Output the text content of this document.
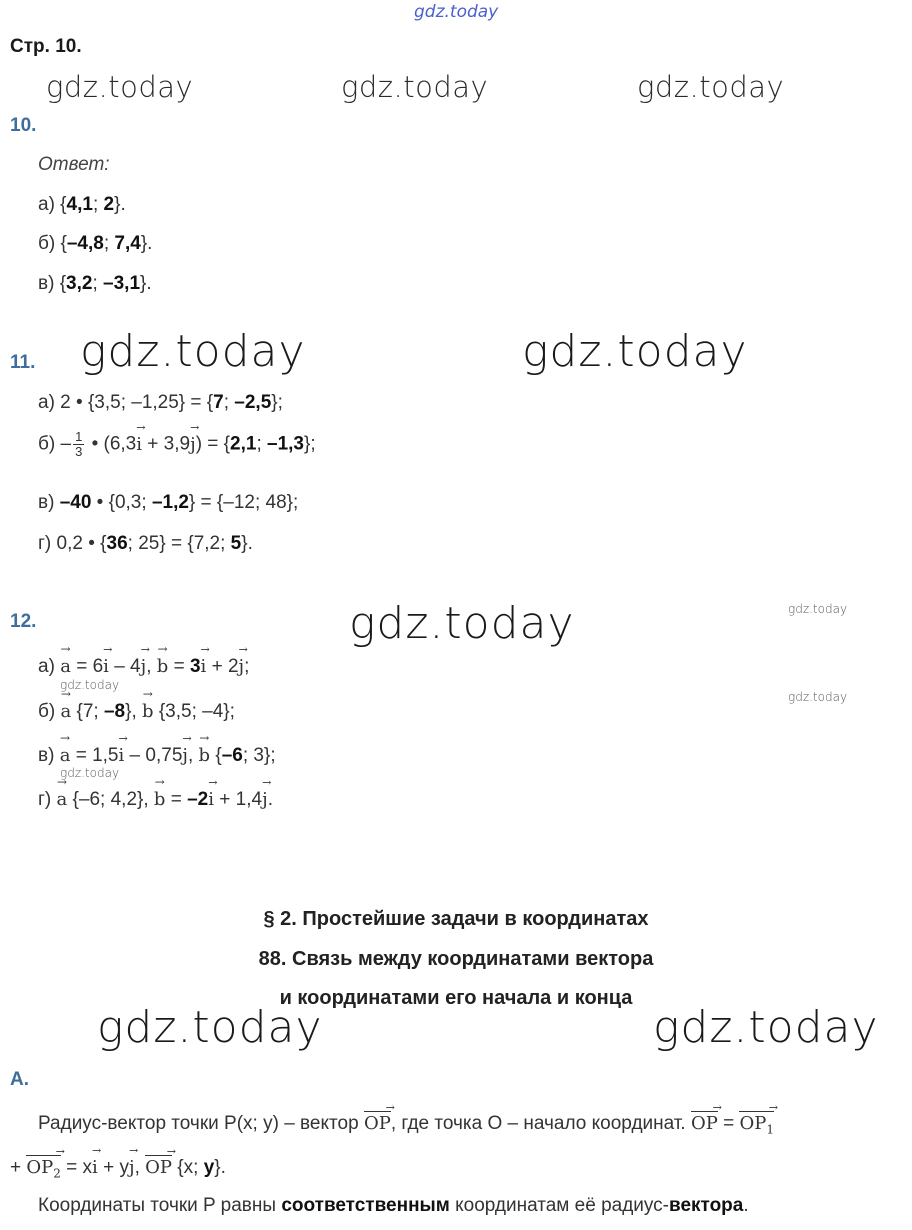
gdz.today
gdz.today	gdz.today	gdz.today
gdz.today	gdz.today
gdz.today	gdz.today
gdz.today
gdz.today
gdz.today
gdz.today	gdz.today
Стр. 10.
10.
Ответ:
а) {4,1; 2}.
б) {–4,8; 7,4}.
в) {3,2; –3,1}.
11.
а) 2 • {3,5; –1,25} = {7; –2,5};
$б) - \frac{1}{3}$ • (6,3→ i + 3,9→ j) = {2,1; –1,3};
в) –40 • {0,3; –1,2} = {–12; 48};
г) 0,2 • {36; 25} = {7,2; 5}.
12.
а) → a = 6→ i – 4→ j, → b = 3→ i + 2→ j;
б) → a {7; –8}, → b {3,5; –4};
в) → a = 1,5→ i – 0,75→ j, → b {–6; 3};
г) → a {–6; 4,2}, → b = –2→ i + 1,4→ j.
§ 2. Простейшие задачи в координатах
88. Связь между координатами вектора
и координатами его начала и конца
А.
Радиус-вектор точки P(x; y) – вектор OP →, где точка O – начало координат. OP → = $OP_1$ →
+ $OP_2$ → = x→ i + y→ j, OP → {x; y}.
Координаты точки P равны соответственным координатам её радиус-вектора.
